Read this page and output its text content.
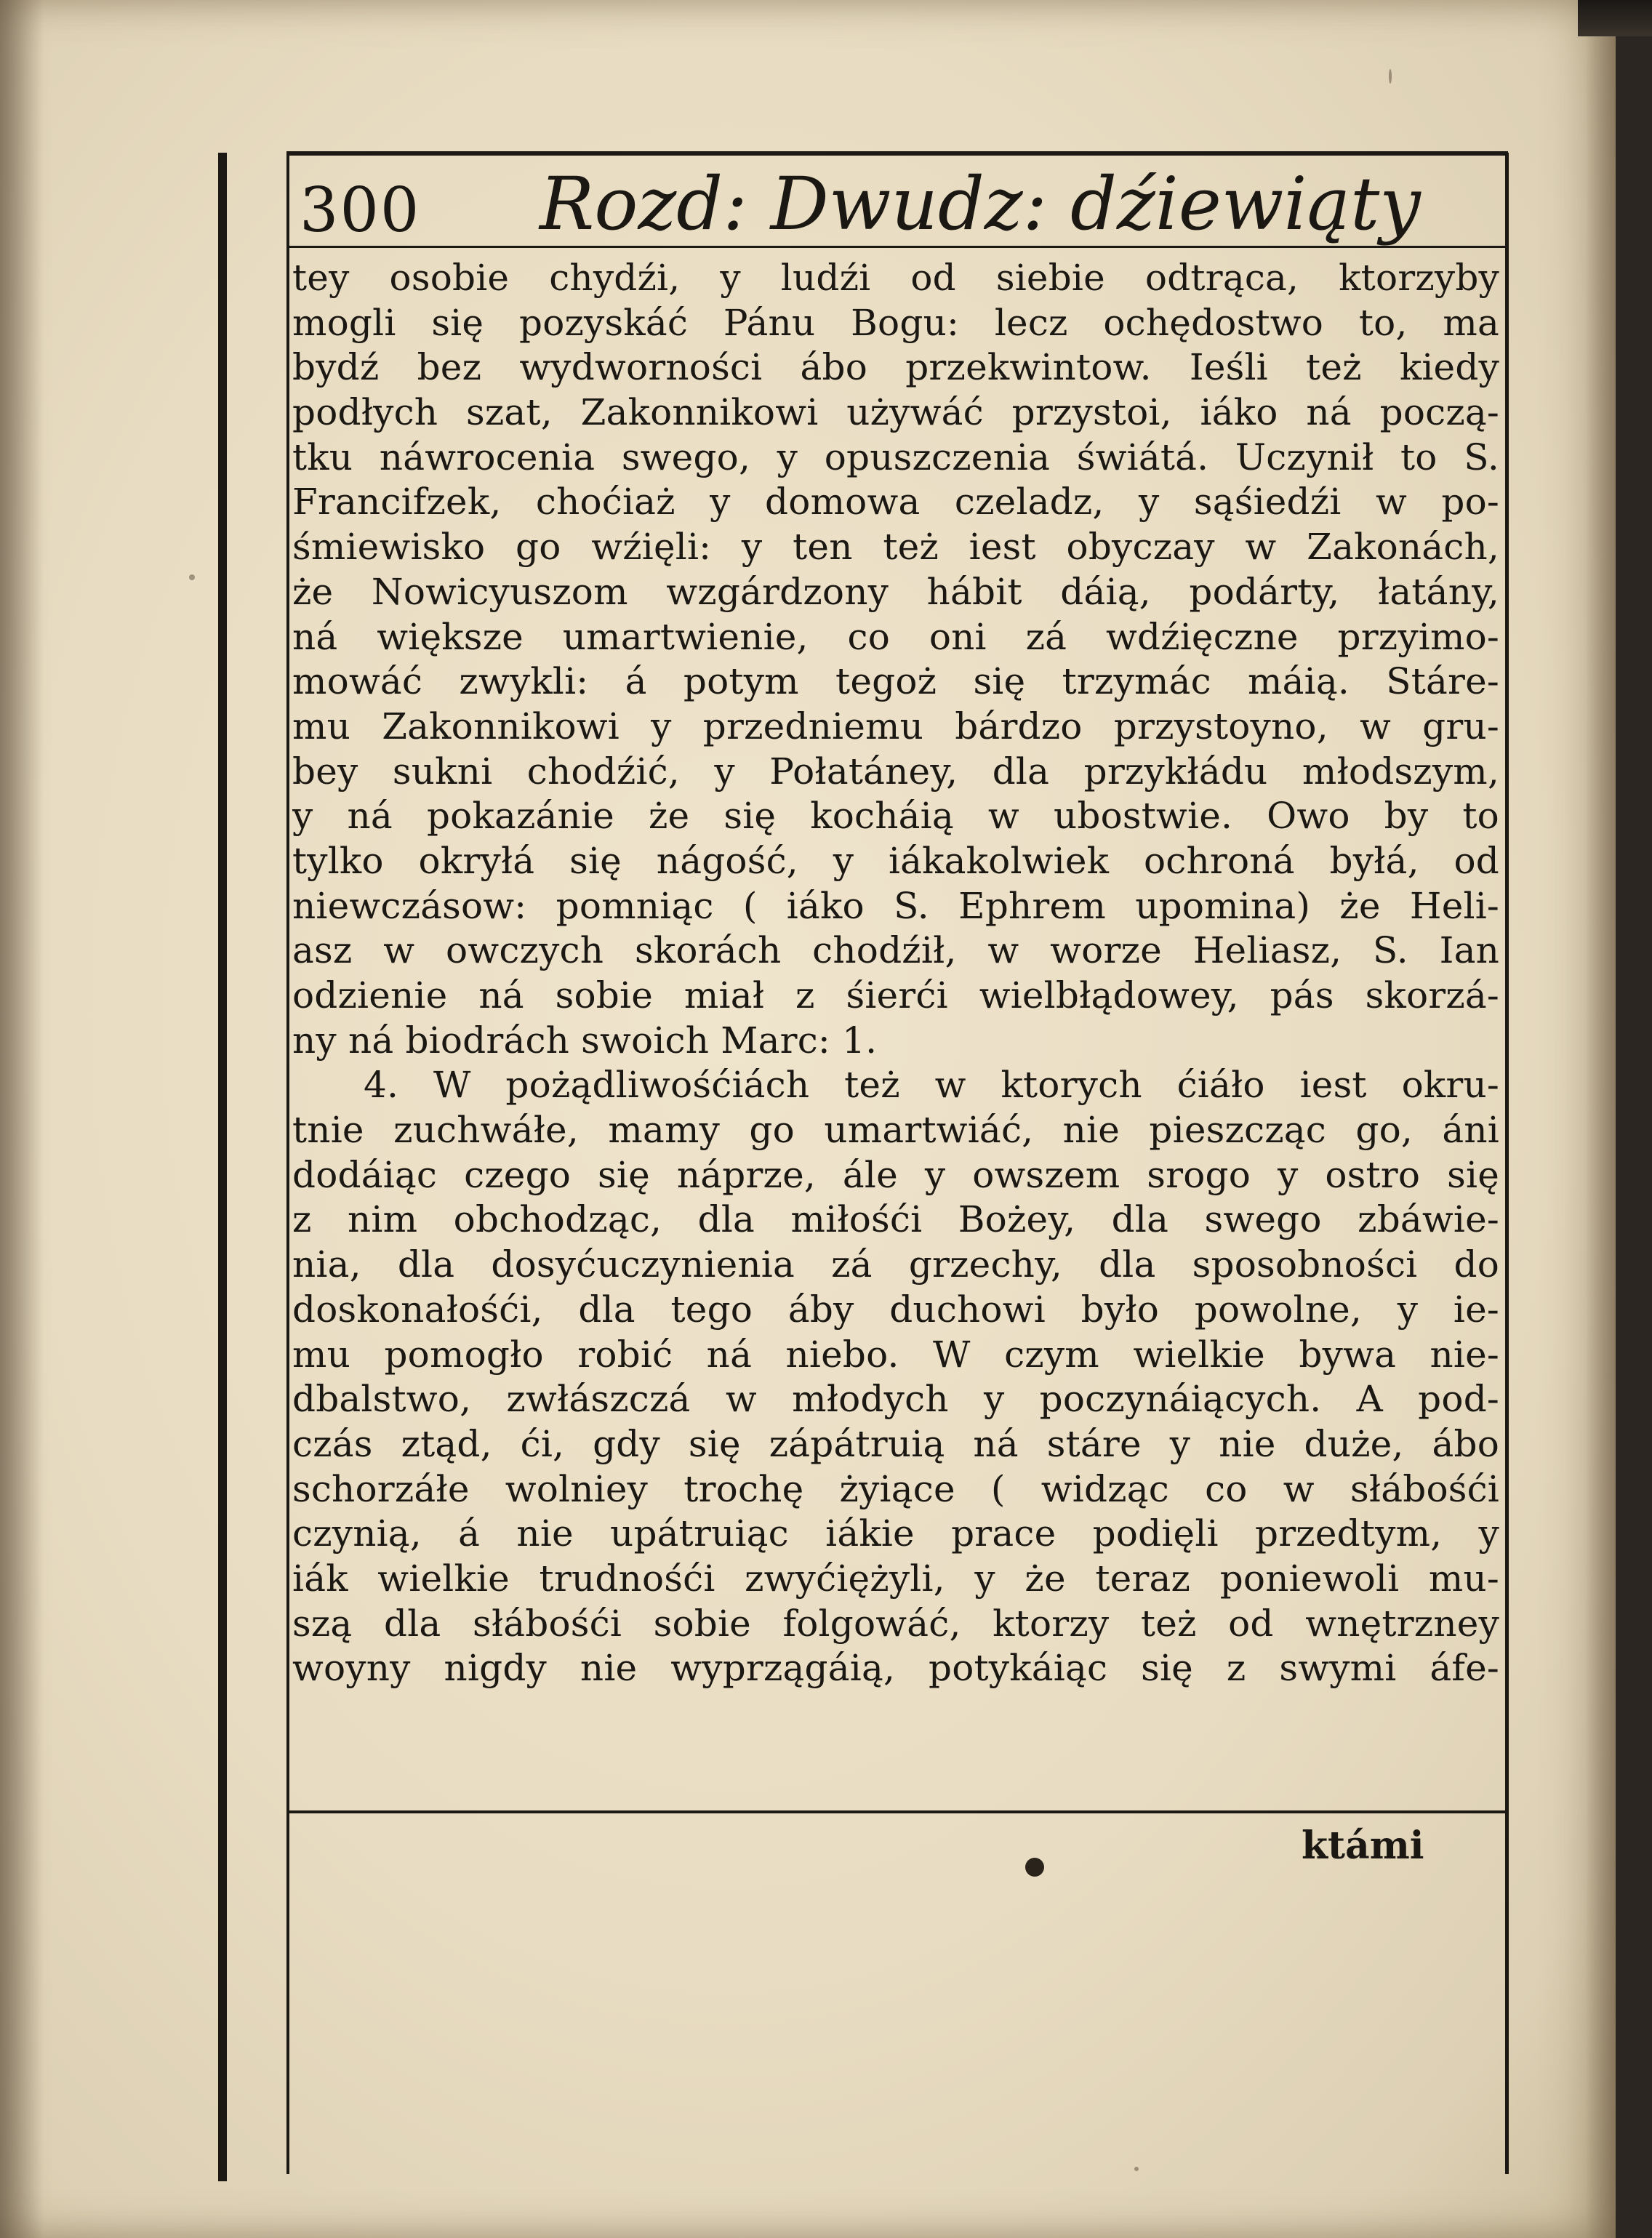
300 Rozd: Dwudz: dźiewiąty
tey osobie chydźi, y ludźi od siebie odtrąca, ktorzyby
mogli się pozyskáć Pánu Bogu: lecz ochędostwo to, ma
bydź bez wydworności ábo przekwintow. Ieśli też kiedy
podłych szat, Zakonnikowi używáć przystoi, iáko ná począ-
tku náwrocenia swego, y opuszczenia świátá. Uczynił to S.
Francifzek, choćiaż y domowa czeladz, y sąśiedźi w po-
śmiewisko go wźięli: y ten też iest obyczay w Zakonách,
że Nowicyuszom wzgárdzony hábit dáią, podárty, łatány,
ná większe umartwienie, co oni zá wdźięczne przyimo-
mowáć zwykli: á potym tegoż się trzymác máią. Stáre-
mu Zakonnikowi y przedniemu bárdzo przystoyno, w gru-
bey sukni chodźić, y Połatáney, dla przykłádu młodszym,
y ná pokazánie że się kocháią w ubostwie. Owo by to
tylko okryłá się nágość, y iákakolwiek ochroná byłá, od
niewczásow: pomniąc ( iáko S. Ephrem upomina) że Heli-
asz w owczych skorách chodźił, w worze Heliasz, S. Ian
odzienie ná sobie miał z śierći wielbłądowey, pás skorzá-
ny ná biodrách swoich Marc: 1.
4. W pożądliwośćiách też w ktorych ćiáło iest okru-
tnie zuchwáłe, mamy go umartwiáć, nie pieszcząc go, áni
dodáiąc czego się náprze, ále y owszem srogo y ostro się
z nim obchodząc, dla miłośći Bożey, dla swego zbáwie-
nia, dla dosyćuczynienia zá grzechy, dla sposobności do
doskonałośći, dla tego áby duchowi było powolne, y ie-
mu pomogło robić ná niebo. W czym wielkie bywa nie-
dbalstwo, zwłászczá w młodych y poczynáiących. A pod-
czás ztąd, ći, gdy się zápátruią ná stáre y nie duże, ábo
schorzáłe wolniey trochę żyiące ( widząc co w słábośći
czynią, á nie upátruiąc iákie prace podięli przedtym, y
iák wielkie trudnośći zwyćiężyli, y że teraz poniewoli mu-
szą dla słábośći sobie folgowáć, ktorzy też od wnętrzney
woyny nigdy nie wyprzągáią, potykáiąc się z swymi áfe-
ktámi
